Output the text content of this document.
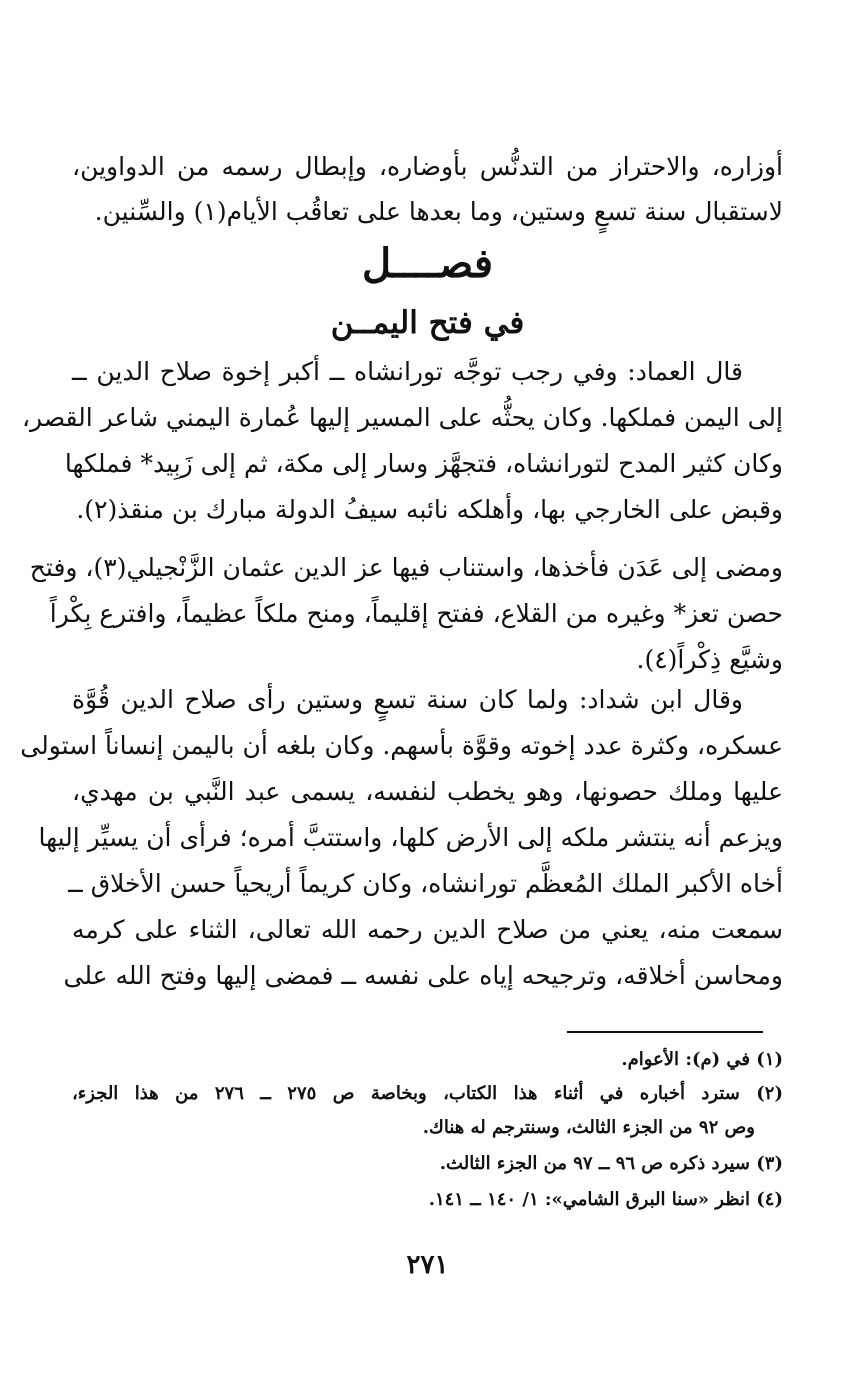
أوزاره، والاحتراز من التدنُّس بأوضاره، وإبطال رسمه من الدواوين،
لاستقبال سنة تسعٍ وستين، وما بعدها على تعاقُب الأيام(١) والسِّنين.
فصــــل
في فتح اليمــن
قال العماد: وفي رجب توجَّه تورانشاه ــ أكبر إخوة صلاح الدين ــ
إلى اليمن فملكها. وكان يحثُّه على المسير إليها عُمارة اليمني شاعر القصر،
وكان كثير المدح لتورانشاه، فتجهَّز وسار إلى مكة، ثم إلى زَبِيد* فملكها
وقبض على الخارجي بها، وأهلكه نائبه سيفُ الدولة مبارك بن منقذ(٢).
ومضى إلى عَدَن فأخذها، واستناب فيها عز الدين عثمان الزَّنْجيلي(٣)، وفتح
حصن تعز* وغيره من القلاع، ففتح إقليماً، ومنح ملكاً عظيماً، وافترع بِكْراً
وشيَّع ذِكْراً(٤).
وقال ابن شداد: ولما كان سنة تسعٍ وستين رأى صلاح الدين قُوَّة
عسكره، وكثرة عدد إخوته وقوَّة بأسهم. وكان بلغه أن باليمن إنساناً استولى
عليها وملك حصونها، وهو يخطب لنفسه، يسمى عبد النَّبي بن مهدي،
ويزعم أنه ينتشر ملكه إلى الأرض كلها، واستتبَّ أمره؛ فرأى أن يسيِّر إليها
أخاه الأكبر الملك المُعظَّم تورانشاه، وكان كريماً أريحياً حسن الأخلاق ــ
سمعت منه، يعني من صلاح الدين رحمه الله تعالى، الثناء على كرمه
ومحاسن أخلاقه، وترجيحه إياه على نفسه ــ فمضى إليها وفتح الله على
(١) في (م): الأعوام.
(٢) سترد أخباره في أثناء هذا الكتاب، وبخاصة ص ٢٧٥ ــ ٢٧٦ من هذا الجزء،
وص ٩٢ من الجزء الثالث، وسنترجم له هناك.
(٣) سيرد ذكره ص ٩٦ ــ ٩٧ من الجزء الثالث.
(٤) انظر «سنا البرق الشامي»: ١/ ١٤٠ ــ ١٤١.
٢٧١
